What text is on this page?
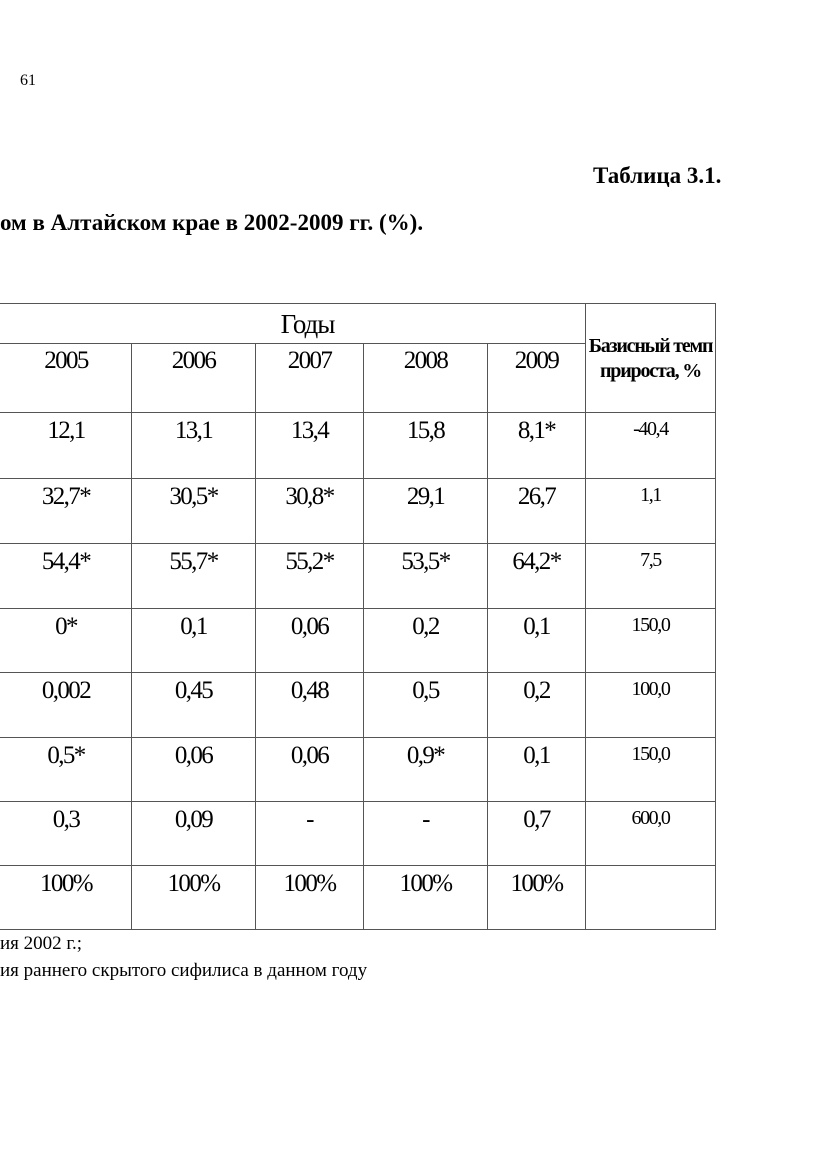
61
Таблица 3.1.
ом в Алтайском крае в 2002-2009 гг. (%).
Годы
Базисный темп прироста, %
2005	2006	2007	2008	2009
12,1	13,1	13,4	15,8	8,1*	-40,4
32,7*	30,5*	30,8*	29,1	26,7	1,1
54,4*	55,7*	55,2*	53,5*	64,2*	7,5
0*	0,1	0,06	0,2	0,1	150,0
0,002	0,45	0,48	0,5	0,2	100,0
0,5*	0,06	0,06	0,9*	0,1	150,0
0,3	0,09	-	-	0,7	600,0
100%	100%	100%	100%	100%
ия 2002 г.;
ия раннего скрытого сифилиса в данном году
